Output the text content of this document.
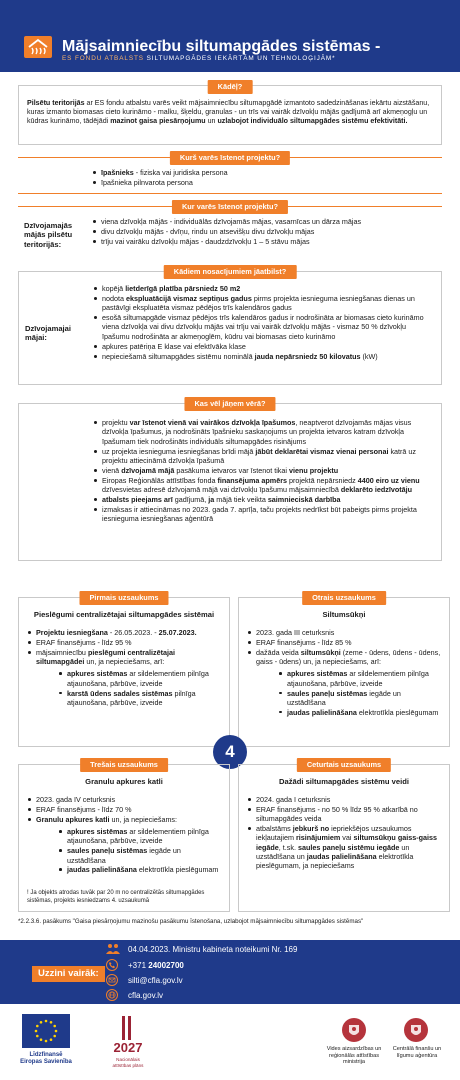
Mājsaimniecību siltumapgādes sistēmas -
ES FONDU ATBALSTS SILTUMAPGĀDES IEKĀRTĀM UN TEHNOLOĢIJĀM*
Kādēļ?
Pilsētu teritorijās ar ES fondu atbalstu varēs veikt mājsaimniecību siltumapgādē izmantoto sadedzināšanas iekārtu aizstāšanu, kuras izmanto biomasas cieto kurināmo - malku, šķeldu, granulas - un trīs vai vairāk dzīvokļu mājās gadījumā arī akmeņogļu un kūdras kurināmo, tādējādi mazinot gaisa piesārņojumu un uzlabojot individuālo siltumapgādes sistēmu efektivitāti.
Kurš varēs īstenot projektu?
īpašnieks - fiziska vai juridiska persona
īpašnieka pilnvarota persona
Kur varēs īstenot projektu?
Dzīvojamajās
mājās pilsētu
teritorijās:
viena dzīvokļa mājās - individuālās dzīvojamās mājas, vasarnīcas un dārza mājas
divu dzīvokļu mājās - dvīņu, rindu un atsevišķu divu dzīvokļu mājas
trīju vai vairāku dzīvokļu mājas - daudzdzīvokļu 1 – 5 stāvu mājas
Kādiem nosacījumiem jāatbilst?
Dzīvojamajai
mājai:
kopējā lietderīgā platība pārsniedz 50 m2
nodota ekspluatācijā vismaz septiņus gadus pirms projekta iesnieguma iesniegšanas dienas un pastāvīgi ekspluatēta vismaz pēdējos trīs kalendāros gadus
esošā siltumapgāde vismaz pēdējos trīs kalendāros gadus ir nodrošināta ar biomasas cieto kurināmo viena dzīvokļa vai divu dzīvokļu mājās vai trīju vai vairāk dzīvokļu mājās - vismaz 50 % dzīvokļu īpašumu nodrošināta ar akmeņoglēm, kūdru vai biomasas cieto kurināmo
apkures patēriņa E klase vai efektīvāka klase
nepieciešamā siltumapgādes sistēmu nominālā jauda nepārsniedz 50 kilovatus (kW)
Kas vēl jāņem vērā?
projektu var īstenot vienā vai vairākos dzīvokļa īpašumos, neaptverot dzīvojamās mājas visus dzīvokļa īpašumus, ja nodrošināts īpašnieku saskaņojums un projekta ietvaros katram dzīvokļa īpašumam tiek nodrošināts individuāls siltumapgādes risinājums
uz projekta iesnieguma iesniegšanas brīdi mājā jābūt deklarētai vismaz vienai personai katrā uz projektu attiecināmā dzīvokļa īpašumā
vienā dzīvojamā mājā pasākuma ietvaros var īstenot tikai vienu projektu
Eiropas Reģionālās attīstības fonda finansējuma apmērs projektā nepārsniedz 4400 eiro uz vienu dzīvesvietas adresē dzīvojamā mājā vai dzīvokļu īpašumu mājsaimniecībā deklarēto iedzīvotāju
atbalsts pieejams arī gadījumā, ja mājā tiek veikta saimnieciskā darbība
izmaksas ir attiecināmas no 2023. gada 7. aprīļa, taču projekts nedrīkst būt pabeigts pirms projekta iesnieguma iesniegšanas aģentūrā
Pirmais uzsaukums
Pieslēgumi centralizētajai siltumapgādes sistēmai
Projektu iesniegšana - 26.05.2023. - 25.07.2023.
ERAF finansējums - līdz 95 %
mājsaimniecību pieslēgumi centralizētajai siltumapgādei un, ja nepieciešams, arī:
apkures sistēmas ar sildelementiem pilnīga atjaunošana, pārbūve, izveide
karstā ūdens sadales sistēmas pilnīga atjaunošana, pārbūve, izveide
Otrais uzsaukums
Siltumsūkņi
2023. gada III ceturksnis
ERAF finansējums - līdz 85 %
dažāda veida siltumsūkņi (zeme - ūdens, ūdens - ūdens, gaiss - ūdens) un, ja nepieciešams, arī:
apkures sistēmas ar sildelementiem pilnīga atjaunošana, pārbūve, izveide
saules paneļu sistēmas iegāde un uzstādīšana
jaudas palielināšana elektrotīkla pieslēgumam
4
Trešais uzsaukums
Granulu apkures katli
2023. gada IV ceturksnis
ERAF finansējums - līdz 70 %
Granulu apkures katli un, ja nepieciešams:
apkures sistēmas ar sildelementiem pilnīga atjaunošana, pārbūve, izveide
saules paneļu sistēmas iegāde un uzstādīšana
jaudas palielināšana elektrotīkla pieslēgumam
! Ja objekts atrodas tuvāk par 20 m no centralizētās siltumapgādes sistēmas, projekts iesniedzams 4. uzsaukumā
Ceturtais uzsaukums
Dažādi siltumapgādes sistēmu veidi
2024. gada I ceturksnis
ERAF finansējums - no 50 % līdz 95 % atkarībā no siltumapgādes veida
atbalstāms jebkurš no iepriekšējos uzsaukumos iekļautajiem risinājumiem vai siltumsūkņu gaiss-gaiss iegāde, t.sk. saules paneļu sistēmu iegāde un uzstādīšana un jaudas palielināšana elektrotīkla pieslēgumam, ja nepieciešams
*2.2.3.6. pasākums "Gaisa piesārņojumu mazinošu pasākumu īstenošana, uzlabojot mājsaimniecību siltumapgādes sistēmas"
Uzzini vairāk:
04.04.2023. Ministru kabineta noteikumi Nr. 169
+371 24002700
silti@cfla.gov.lv
cfla.gov.lv
Līdzfinansē
Eiropas Savienība
2027
Nacionālais
attīstības plāns
Vides aizsardzības un
reģionālās attīstības
ministrija
Centrālā finanšu un
līgumu aģentūra
